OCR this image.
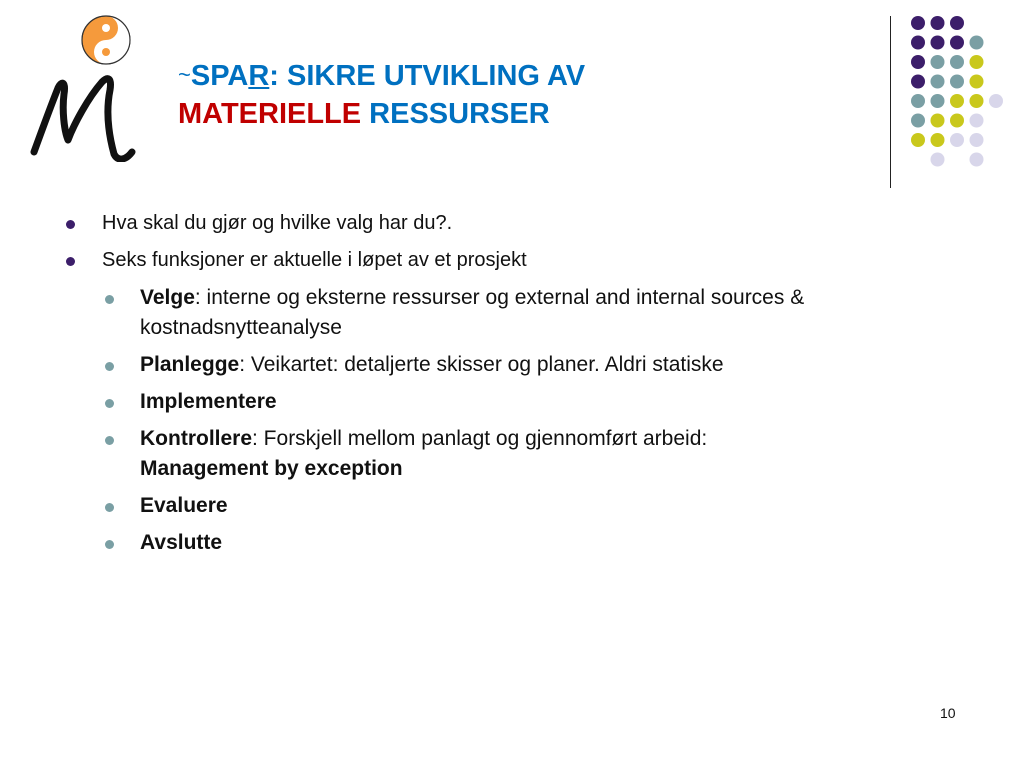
~SPAR: SIKRE UTVIKLING AV
MATERIELLE RESSURSER
Hva skal du gjør og hvilke valg har du?.
Seks funksjoner er aktuelle i løpet av et prosjekt
Velge: interne og eksterne ressurser og external and internal sources & kostnadsnytteanalyse
Planlegge: Veikartet: detaljerte skisser og planer. Aldri statiske
Implementere
Kontrollere: Forskjell mellom panlagt og gjennomført arbeid:
Management by exception
Evaluere
Avslutte
10
